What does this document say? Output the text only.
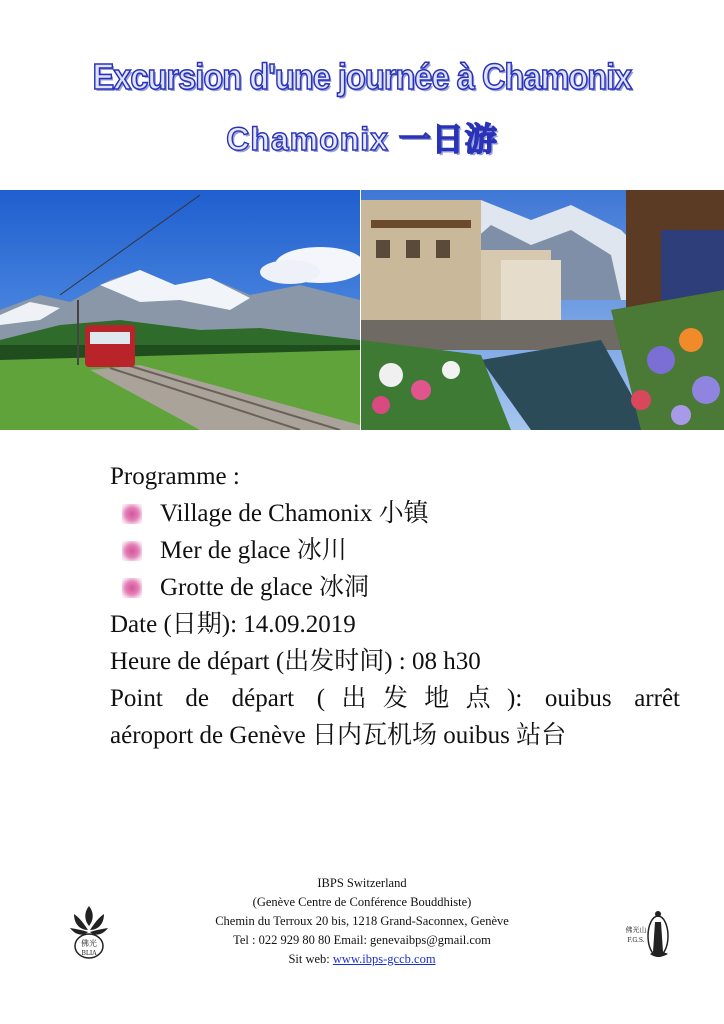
Excursion d'une journée à Chamonix
Chamonix 一日游
Programme :
Village de Chamonix 小镇
Mer de glace 冰川
Grotte de glace 冰洞
Date (日期): 14.09.2019
Heure de départ (出发时间) : 08 h30
Point de départ (出发地点): ouibus arrêt
aéroport de Genève 日内瓦机场 ouibus 站台
IBPS Switzerland
(Genève Centre de Conférence Bouddhiste)
Chemin du Terroux 20 bis, 1218 Grand-Saconnex, Genève
Tel : 022 929 80 80 Email: genevaibps@gmail.com
Sit web: www.ibps-gccb.com
佛光
BLIA
佛光山
F.G.S.
